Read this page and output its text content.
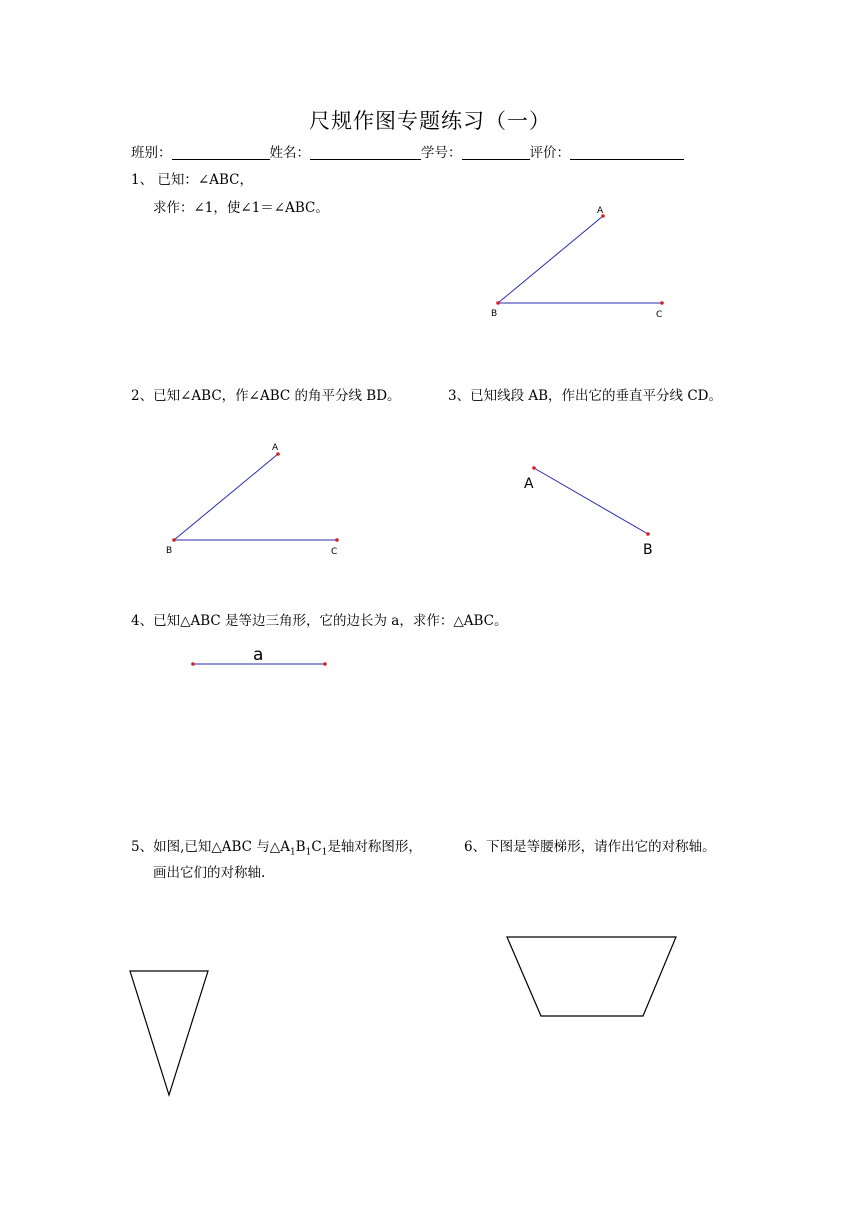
尺规作图专题练习（一）
班别：	姓名：	学号：	评价：
1、 已知：∠ABC，
求作：∠1，使∠1＝∠ABC。
2、已知∠ABC，作∠ABC 的角平分线 BD。	3、已知线段 AB，作出它的垂直平分线 CD。
4、已知△ABC 是等边三角形，它的边长为 a，求作：△ABC。
5、如图,已知△ABC 与$\triangle A_1B_1C_1$是轴对称图形，
画出它们的对称轴.
6、下图是等腰梯形，请作出它的对称轴。
A
B	C
A
B	C
A
B
a
